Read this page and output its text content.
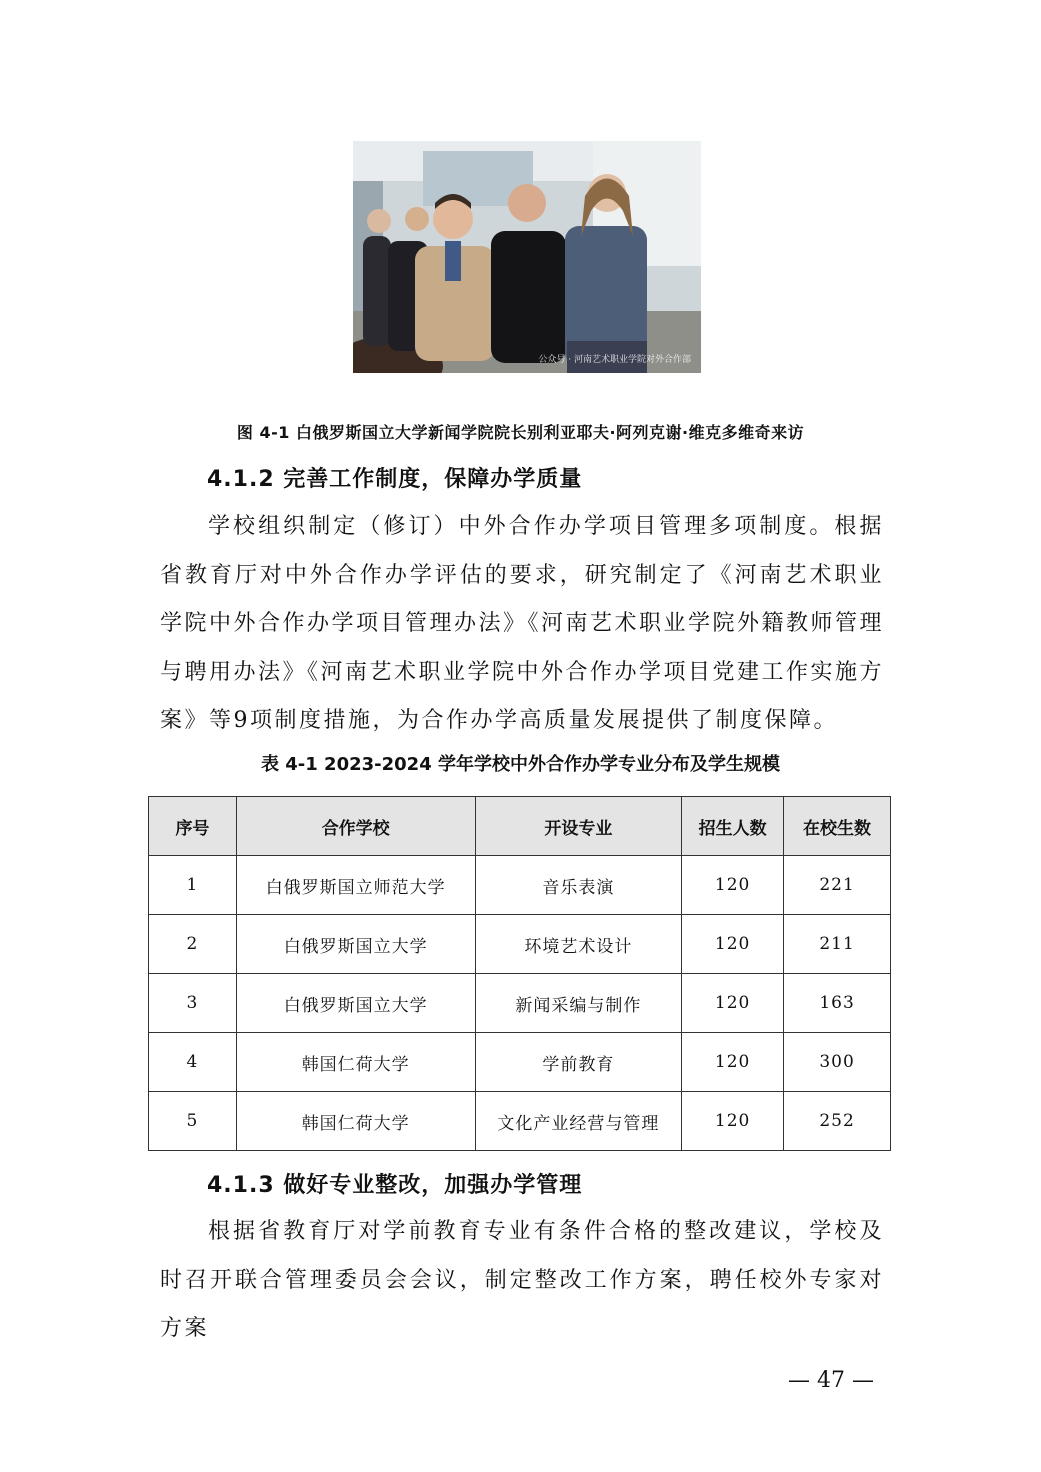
公众号 · 河南艺术职业学院对外合作部
图 4-1 白俄罗斯国立大学新闻学院院长别利亚耶夫·阿列克谢·维克多维奇来访
4.1.2 完善工作制度，保障办学质量

学校组织制定（修订）中外合作办学项目管理多项制度。根据省教育厅对中外合作办学评估的要求，研究制定了《河南艺术职业学院中外合作办学项目管理办法》《河南艺术职业学院外籍教师管理与聘用办法》《河南艺术职业学院中外合作办学项目党建工作实施方案》等9项制度措施，为合作办学高质量发展提供了制度保障。

表 4-1 2023-2024 学年学校中外合作办学专业分布及学生规模
序号	合作学校	开设专业	招生人数	在校生数
1	白俄罗斯国立师范大学	音乐表演	120	221
2	白俄罗斯国立大学	环境艺术设计	120	211
3	白俄罗斯国立大学	新闻采编与制作	120	163
4	韩国仁荷大学	学前教育	120	300
5	韩国仁荷大学	文化产业经营与管理	120	252
4.1.3 做好专业整改，加强办学管理

根据省教育厅对学前教育专业有条件合格的整改建议，学校及时召开联合管理委员会会议，制定整改工作方案，聘任校外专家对方案

— 47 —
